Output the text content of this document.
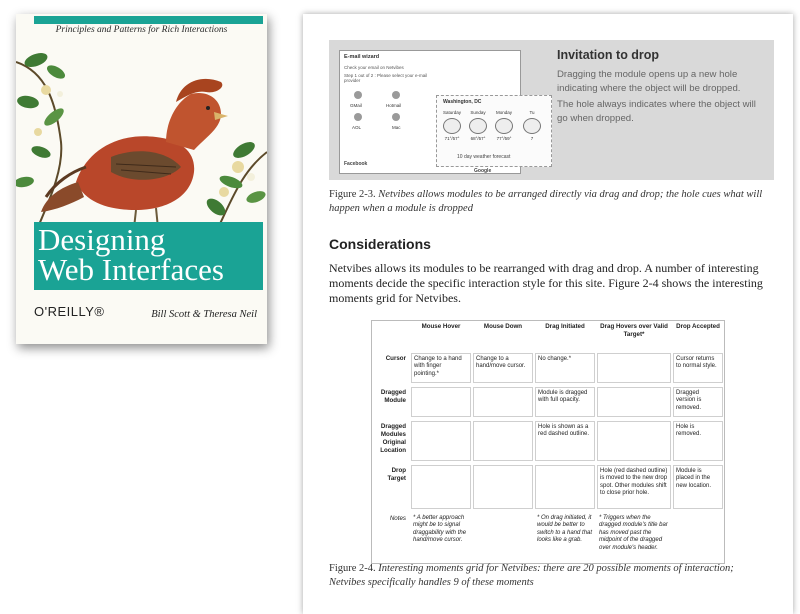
Principles and Patterns for Rich Interactions
Designing
Web Interfaces
O'REILLY®	Bill Scott & Theresa Neil
E-mail wizard
Check your email on Netvibes
Step 1 out of 2 : Please select your e-mail provider
GMail	Hotmail
AOL	Mac
Washington, DC
Saturday
71°/57°
Sunday
68°/57°
Monday
77°/59°
Tu
7
10 day weather forecast
Facebook
Google
Invitation to drop
Dragging the module opens up a new hole indicating where the object will be dropped.
The hole always indicates where the object will go when dropped.
Figure 2-3. Netvibes allows modules to be arranged directly via drag and drop; the hole cues what will happen when a module is dropped
Considerations
Netvibes allows its modules to be rearranged with drag and drop. A number of interesting moments decide the specific interaction style for this site. Figure 2-4 shows the interesting moments grid for Netvibes.
	Mouse Hover	Mouse Down	Drag Initiated	Drag Hovers over Valid Target*	Drop Accepted
Cursor	Change to a hand with finger pointing.*	Change to a hand/move cursor.	No change.*		Cursor returns to normal style.

Dragged Module			Module is dragged with full opacity.		Dragged version is removed.

Dragged Modules Original Location			Hole is shown as a red dashed outline.		Hole is removed.

Drop Target				Hole (red dashed outline) is moved to the new drop spot. Other modules shift to close prior hole.	Module is placed in the new location.

Notes	* A better approach might be to signal draggability with the hand/move cursor.		* On drag initiated, it would be better to switch to a hand that looks like a grab.	* Triggers when the dragged module's title bar has moved past the midpoint of the dragged over module's header.	

Figure 2-4. Interesting moments grid for Netvibes: there are 20 possible moments of interaction; Netvibes specifically handles 9 of these moments
